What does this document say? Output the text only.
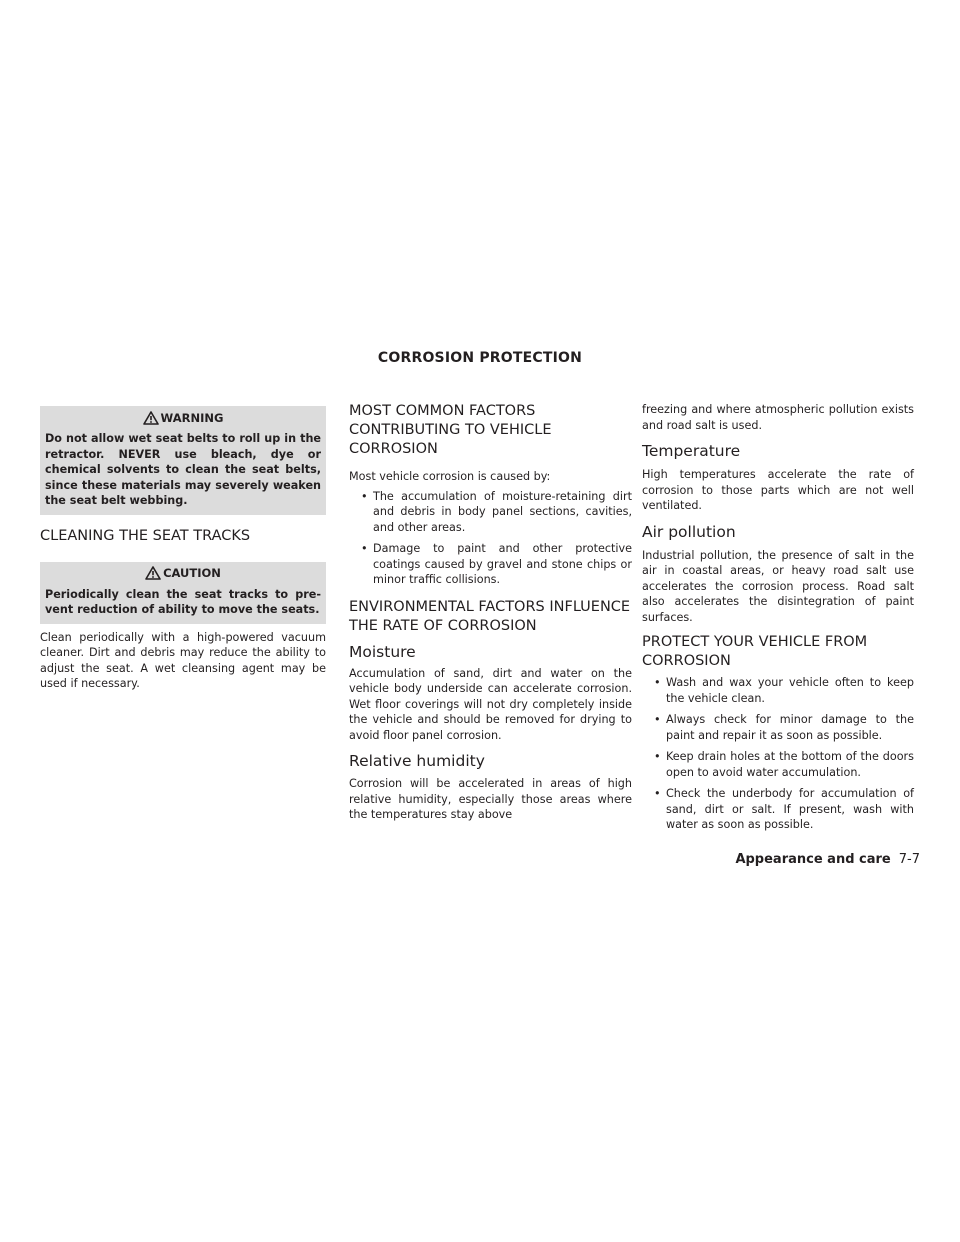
CORROSION PROTECTION
WARNING
Do not allow wet seat belts to roll up in the retractor. NEVER use bleach, dye or chemical solvents to clean the seat belts, since these materials may severely weaken the seat belt webbing.
CLEANING THE SEAT TRACKS
CAUTION
Periodically clean the seat tracks to prevent reduction of ability to move the seats.

Clean periodically with a high-powered vacuum cleaner. Dirt and debris may reduce the ability to adjust the seat. A wet cleansing agent may be used if necessary.

MOST COMMON FACTORS CONTRIBUTING TO VEHICLE CORROSION

Most vehicle corrosion is caused by:

• The accumulation of moisture-retaining dirt and debris in body panel sections, cavities, and other areas.
• Damage to paint and other protective coatings caused by gravel and stone chips or minor traffic collisions.
ENVIRONMENTAL FACTORS INFLUENCE THE RATE OF CORROSION
Moisture

Accumulation of sand, dirt and water on the vehicle body underside can accelerate corrosion. Wet floor coverings will not dry completely inside the vehicle and should be removed for drying to avoid floor panel corrosion.

Relative humidity

Corrosion will be accelerated in areas of high relative humidity, especially those areas where the temperatures stay above

freezing and where atmospheric pollution exists and road salt is used.

Temperature

High temperatures accelerate the rate of corrosion to those parts which are not well ventilated.

Air pollution

Industrial pollution, the presence of salt in the air in coastal areas, or heavy road salt use accelerates the corrosion process. Road salt also accelerates the disintegration of paint surfaces.

PROTECT YOUR VEHICLE FROM CORROSION
• Wash and wax your vehicle often to keep the vehicle clean.
• Always check for minor damage to the paint and repair it as soon as possible.
• Keep drain holes at the bottom of the doors open to avoid water accumulation.
• Check the underbody for accumulation of sand, dirt or salt. If present, wash with water as soon as possible.
Appearance and care 7-7
